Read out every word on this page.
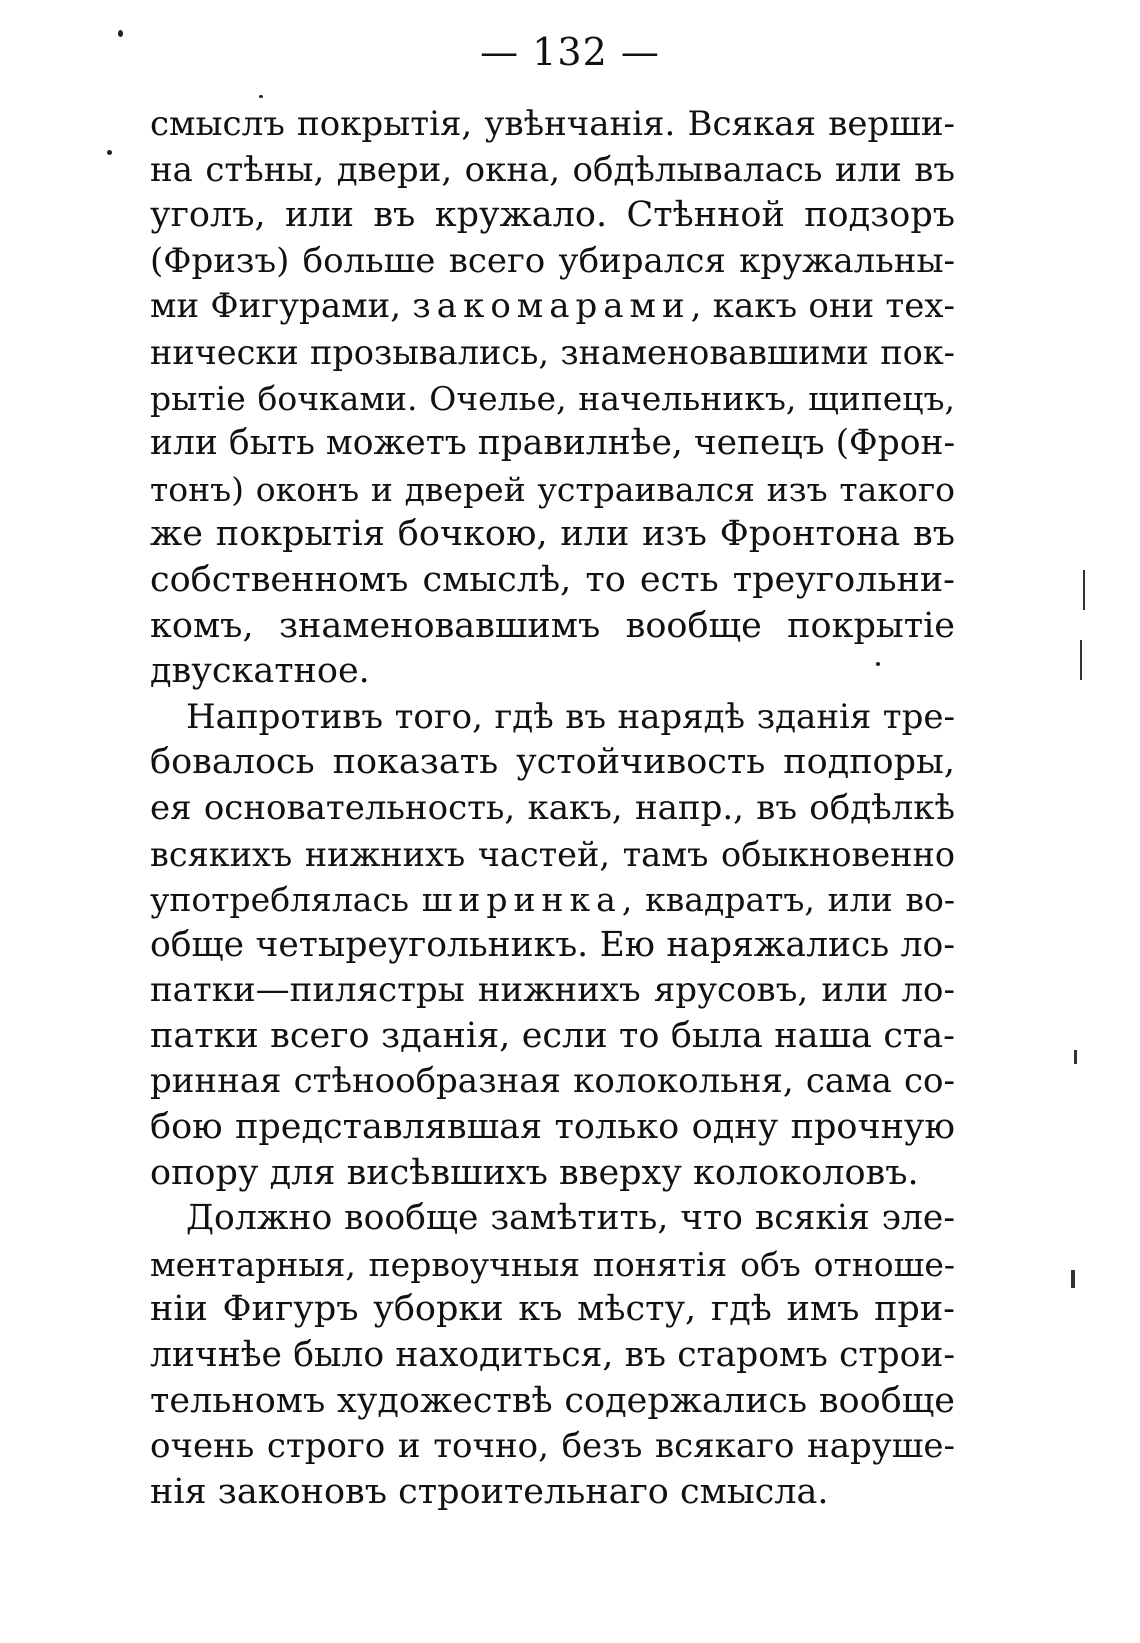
— 132 —
смыслъ покрытія, увѣнчанія. Всякая верши-
на стѣны, двери, окна, обдѣлывалась или въ
уголъ, или въ кружало. Стѣнной подзоръ
(Фризъ) больше всего убирался кружальны-
ми Фигурами, закомарами, какъ они тех-
нически прозывались, знаменовавшими пок-
рытіе бочками. Очелье, начельникъ, щипецъ,
или быть можетъ правилнѣе, чепецъ (Фрон-
тонъ) оконъ и дверей устраивался изъ такого
же покрытія бочкою, или изъ Фронтона въ
собственномъ смыслѣ, то есть треугольни-
комъ, знаменовавшимъ вообще покрытіе
двускатное.
Напротивъ того, гдѣ въ нарядѣ зданія тре-
бовалось показать устойчивость подпоры,
ея основательность, какъ, напр., въ обдѣлкѣ
всякихъ нижнихъ частей, тамъ обыкновенно
употреблялась ширинка, квадратъ, или во-
обще четыреугольникъ. Ею наряжались ло-
патки—пилястры нижнихъ ярусовъ, или ло-
патки всего зданія, если то была наша ста-
ринная стѣнообразная колокольня, сама со-
бою представлявшая только одну прочную
опору для висѣвшихъ вверху колоколовъ.
Должно вообще замѣтить, что всякія эле-
ментарныя, первоучныя понятія объ отноше-
ніи Фигуръ уборки къ мѣсту, гдѣ имъ при-
личнѣе было находиться, въ старомъ строи-
тельномъ художествѣ содержались вообще
очень строго и точно, безъ всякаго наруше-
нія законовъ строительнаго смысла.
